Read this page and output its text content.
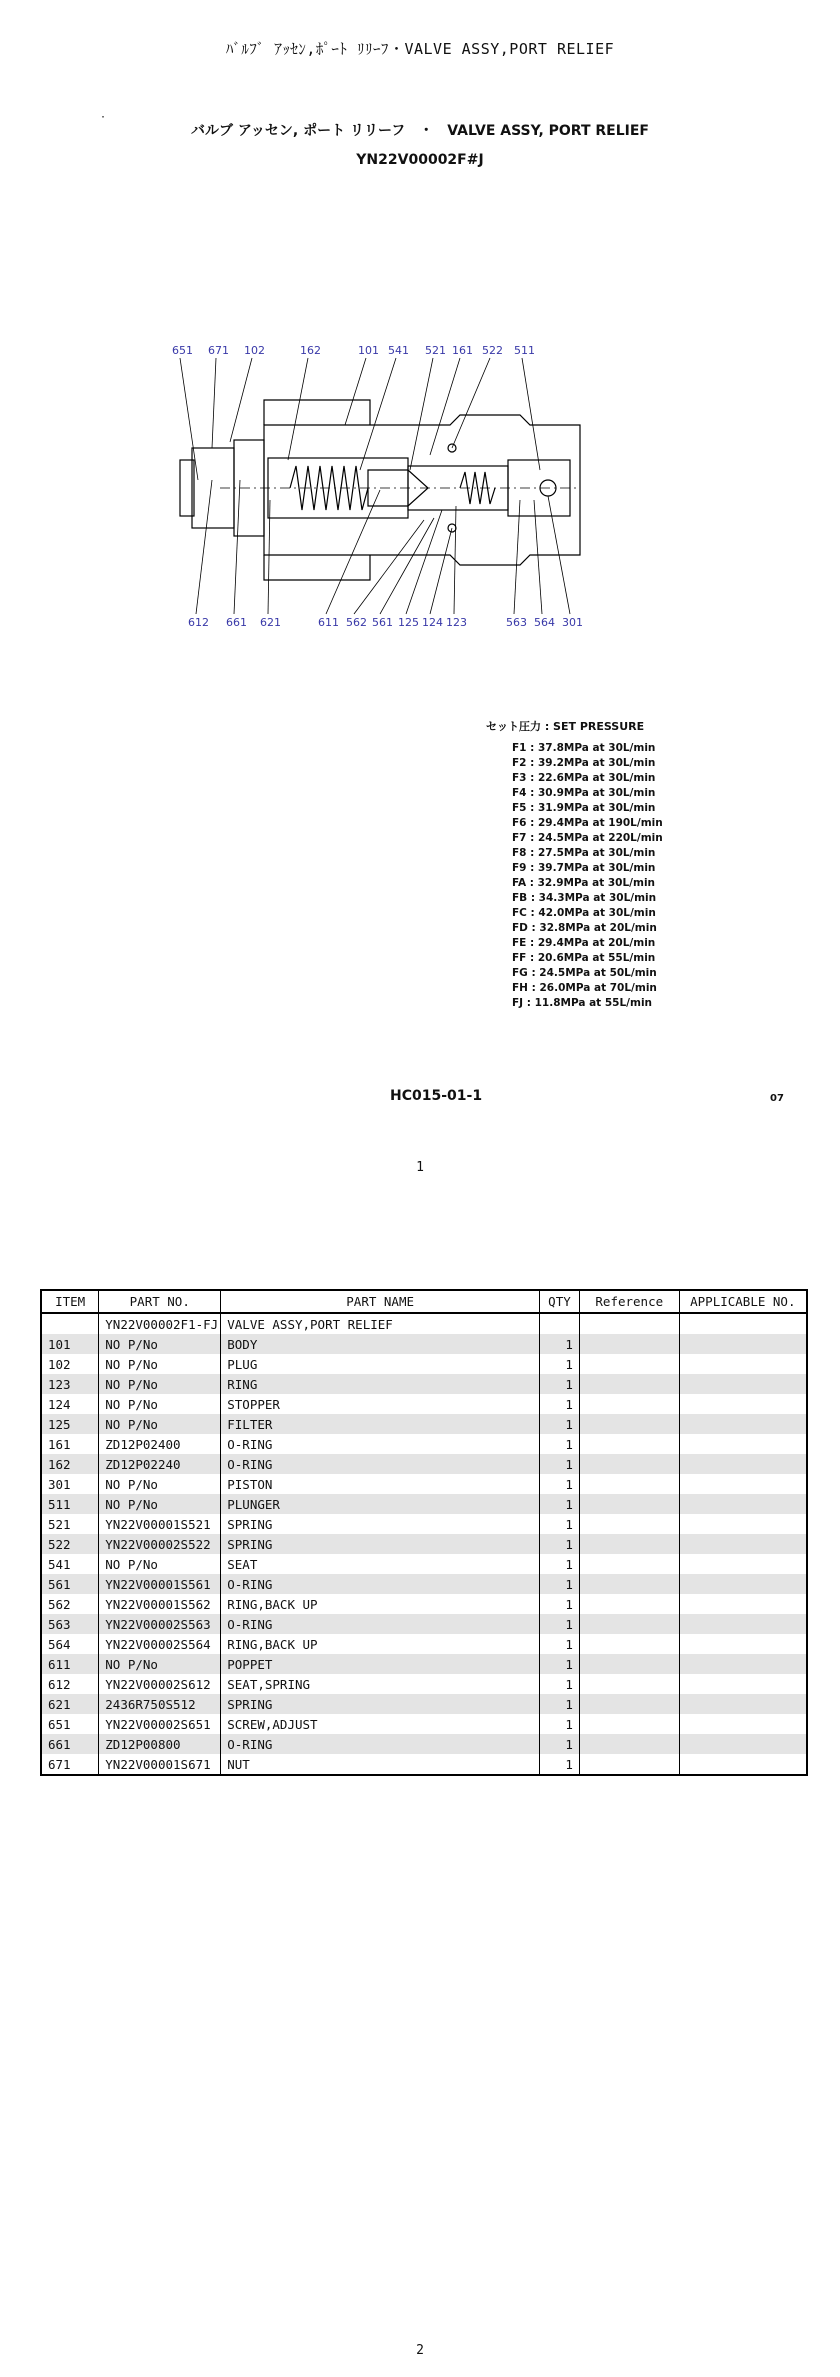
ﾊﾞﾙﾌﾞ ｱｯｾﾝ,ﾎﾟｰﾄ ﾘﾘｰﾌ・VALVE ASSY,PORT RELIEF
·
バルブ アッセン, ポート リリーフ　・　VALVE ASSY, PORT RELIEF
YN22V00002F#J
651 671 102	162	101 541 521 161 522 511
612 661 621	611 562 561 125 124 123	563 564 301
セット圧力 : SET PRESSURE
F1 : 37.8MPa at 30L/min
F2 : 39.2MPa at 30L/min
F3 : 22.6MPa at 30L/min
F4 : 30.9MPa at 30L/min
F5 : 31.9MPa at 30L/min
F6 : 29.4MPa at 190L/min
F7 : 24.5MPa at 220L/min
F8 : 27.5MPa at 30L/min
F9 : 39.7MPa at 30L/min
FA : 32.9MPa at 30L/min
FB : 34.3MPa at 30L/min
FC : 42.0MPa at 30L/min
FD : 32.8MPa at 20L/min
FE : 29.4MPa at 20L/min
FF : 20.6MPa at 55L/min
FG : 24.5MPa at 50L/min
FH : 26.0MPa at 70L/min
FJ : 11.8MPa at 55L/min
HC015-01-1	07
1
ITEM	PART NO.	PART NAME	QTY	Reference	APPLICABLE NO.
	YN22V00002F1-FJ	VALVE ASSY,PORT RELIEF			
101	NO P/No	BODY	1		
102	NO P/No	PLUG	1		
123	NO P/No	RING	1		
124	NO P/No	STOPPER	1		
125	NO P/No	FILTER	1		
161	ZD12P02400	O-RING	1		
162	ZD12P02240	O-RING	1		
301	NO P/No	PISTON	1		
511	NO P/No	PLUNGER	1		
521	YN22V00001S521	SPRING	1		
522	YN22V00002S522	SPRING	1		
541	NO P/No	SEAT	1		
561	YN22V00001S561	O-RING	1		
562	YN22V00001S562	RING,BACK UP	1		
563	YN22V00002S563	O-RING	1		
564	YN22V00002S564	RING,BACK UP	1		
611	NO P/No	POPPET	1		
612	YN22V00002S612	SEAT,SPRING	1		
621	2436R750S512	SPRING	1		
651	YN22V00002S651	SCREW,ADJUST	1		
661	ZD12P00800	O-RING	1		
671	YN22V00001S671	NUT	1		
2
